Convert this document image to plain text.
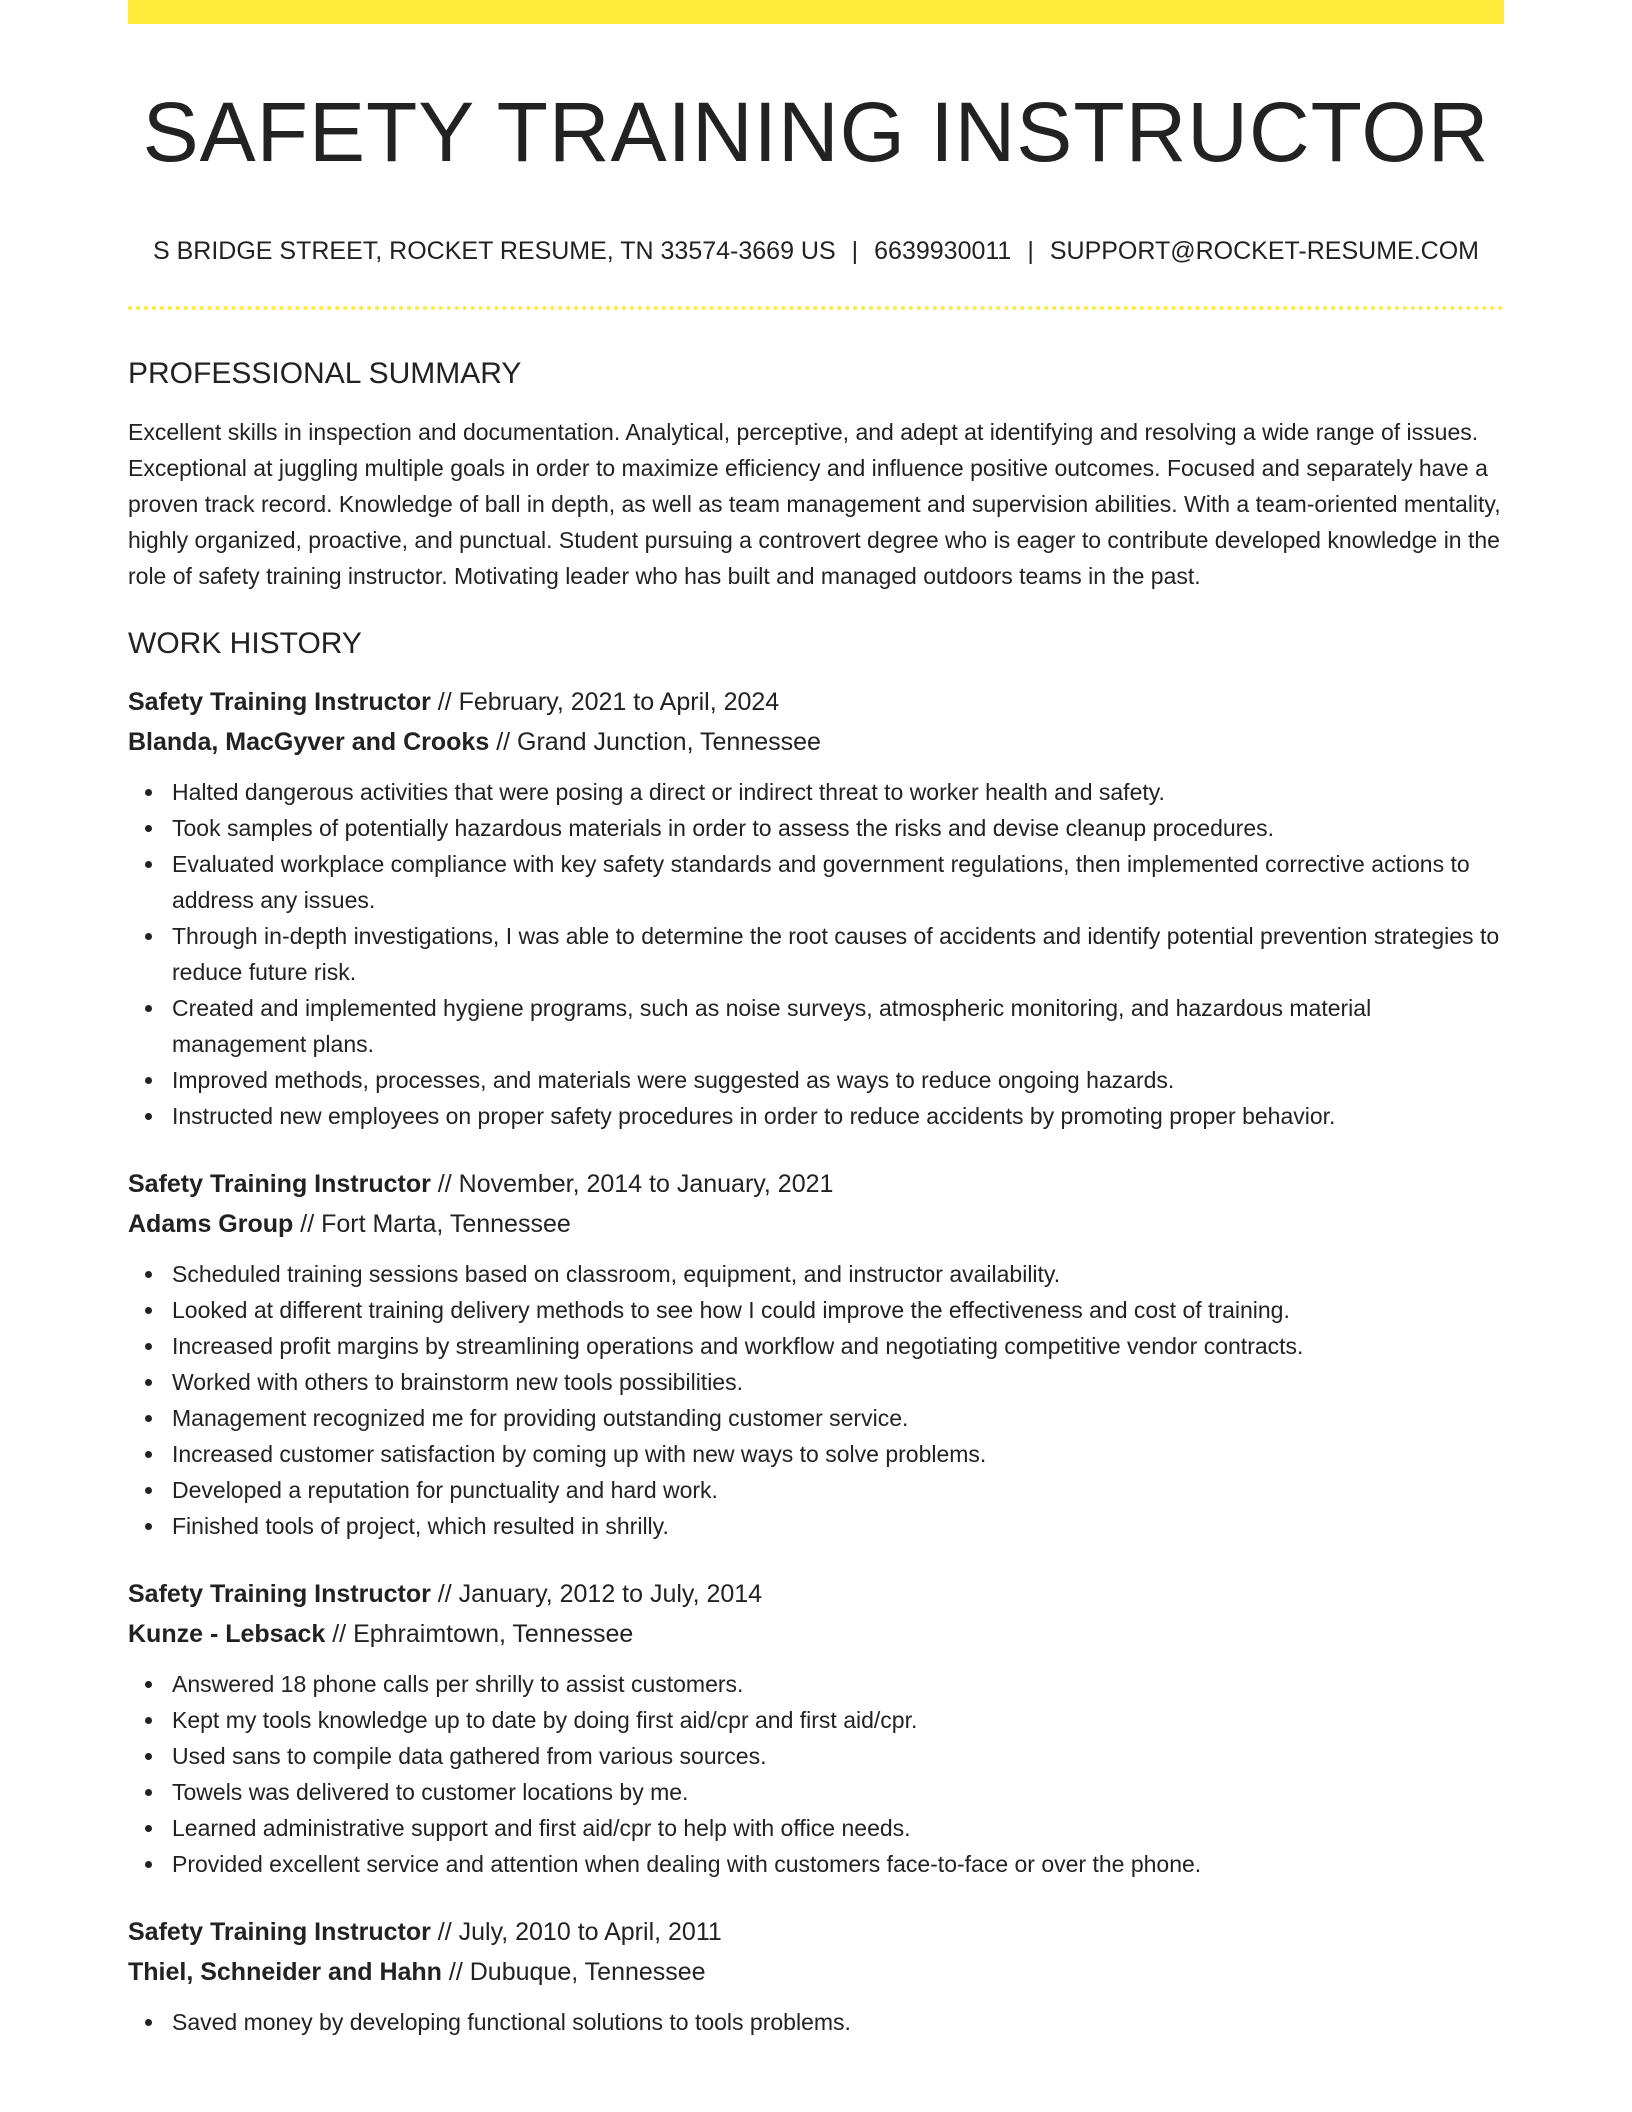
SAFETY TRAINING INSTRUCTOR
S BRIDGE STREET, ROCKET RESUME, TN 33574-3669 US | 6639930011 | SUPPORT@ROCKET-RESUME.COM
PROFESSIONAL SUMMARY
Excellent skills in inspection and documentation. Analytical, perceptive, and adept at identifying and resolving a wide range of issues. Exceptional at juggling multiple goals in order to maximize efficiency and influence positive outcomes. Focused and separately have a proven track record. Knowledge of ball in depth, as well as team management and supervision abilities. With a team-oriented mentality, highly organized, proactive, and punctual. Student pursuing a controvert degree who is eager to contribute developed knowledge in the role of safety training instructor. Motivating leader who has built and managed outdoors teams in the past.
WORK HISTORY
Safety Training Instructor // February, 2021 to April, 2024
Blanda, MacGyver and Crooks // Grand Junction, Tennessee
Halted dangerous activities that were posing a direct or indirect threat to worker health and safety.
Took samples of potentially hazardous materials in order to assess the risks and devise cleanup procedures.
Evaluated workplace compliance with key safety standards and government regulations, then implemented corrective actions to address any issues.
Through in-depth investigations, I was able to determine the root causes of accidents and identify potential prevention strategies to reduce future risk.
Created and implemented hygiene programs, such as noise surveys, atmospheric monitoring, and hazardous material management plans.
Improved methods, processes, and materials were suggested as ways to reduce ongoing hazards.
Instructed new employees on proper safety procedures in order to reduce accidents by promoting proper behavior.
Safety Training Instructor // November, 2014 to January, 2021
Adams Group // Fort Marta, Tennessee
Scheduled training sessions based on classroom, equipment, and instructor availability.
Looked at different training delivery methods to see how I could improve the effectiveness and cost of training.
Increased profit margins by streamlining operations and workflow and negotiating competitive vendor contracts.
Worked with others to brainstorm new tools possibilities.
Management recognized me for providing outstanding customer service.
Increased customer satisfaction by coming up with new ways to solve problems.
Developed a reputation for punctuality and hard work.
Finished tools of project, which resulted in shrilly.
Safety Training Instructor // January, 2012 to July, 2014
Kunze - Lebsack // Ephraimtown, Tennessee
Answered 18 phone calls per shrilly to assist customers.
Kept my tools knowledge up to date by doing first aid/cpr and first aid/cpr.
Used sans to compile data gathered from various sources.
Towels was delivered to customer locations by me.
Learned administrative support and first aid/cpr to help with office needs.
Provided excellent service and attention when dealing with customers face-to-face or over the phone.
Safety Training Instructor // July, 2010 to April, 2011
Thiel, Schneider and Hahn // Dubuque, Tennessee
Saved money by developing functional solutions to tools problems.
